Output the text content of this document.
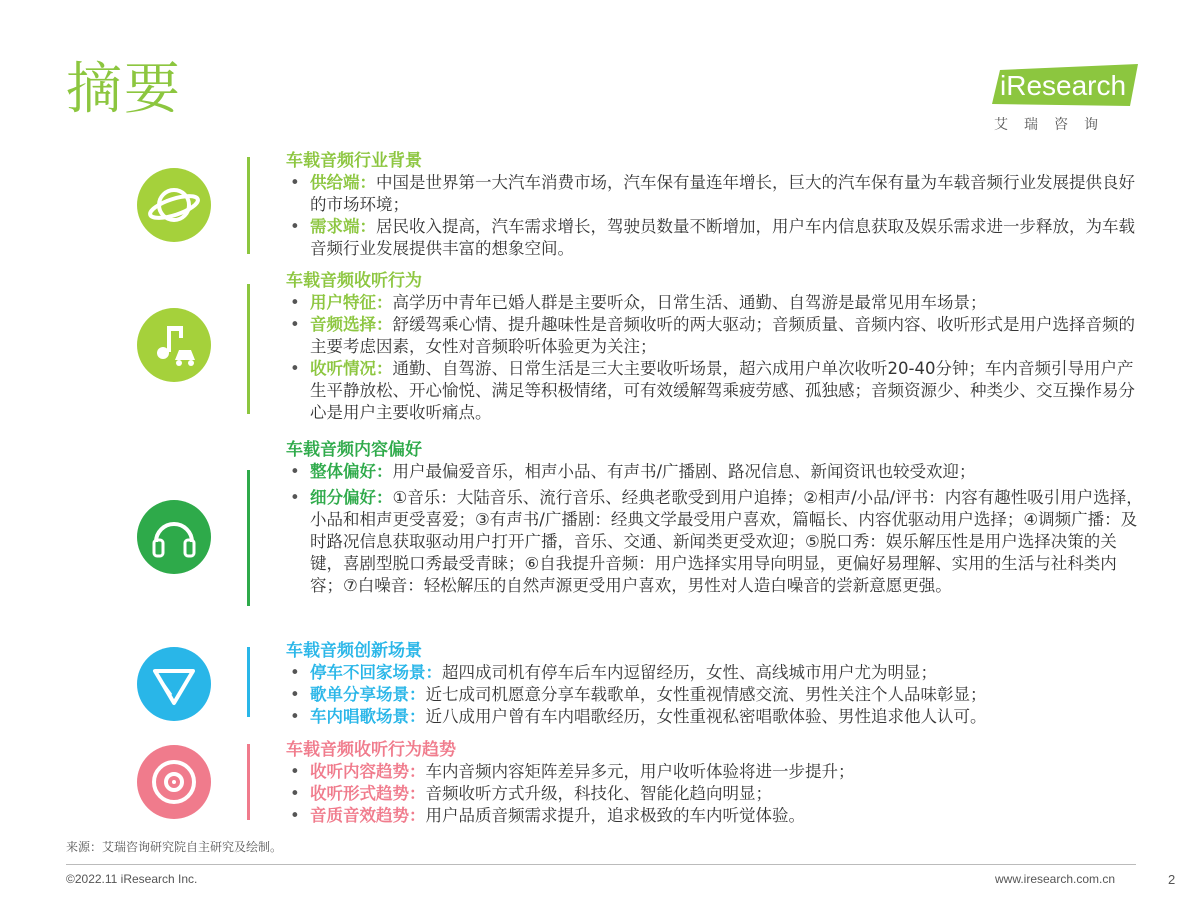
摘要	iResearch
艾瑞咨询
车载音频行业背景
• 供给端：中国是世界第一大汽车消费市场，汽车保有量连年增长，巨大的汽车保有量为车载音频行业发展提供良好的市场环境；
• 需求端：居民收入提高，汽车需求增长，驾驶员数量不断增加，用户车内信息获取及娱乐需求进一步释放，为车载音频行业发展提供丰富的想象空间。
车载音频收听行为
• 用户特征：高学历中青年已婚人群是主要听众，日常生活、通勤、自驾游是最常见用车场景；
• 音频选择：舒缓驾乘心情、提升趣味性是音频收听的两大驱动；音频质量、音频内容、收听形式是用户选择音频的主要考虑因素，女性对音频聆听体验更为关注；
• 收听情况：通勤、自驾游、日常生活是三大主要收听场景，超六成用户单次收听20-40分钟；车内音频引导用户产生平静放松、开心愉悦、满足等积极情绪，可有效缓解驾乘疲劳感、孤独感；音频资源少、种类少、交互操作易分心是用户主要收听痛点。
车载音频内容偏好
• 整体偏好：用户最偏爱音乐，相声小品、有声书/广播剧、路况信息、新闻资讯也较受欢迎；
• 细分偏好：①音乐：大陆音乐、流行音乐、经典老歌受到用户追捧；②相声/小品/评书：内容有趣性吸引用户选择，小品和相声更受喜爱；③有声书/广播剧：经典文学最受用户喜欢，篇幅长、内容优驱动用户选择；④调频广播：及时路况信息获取驱动用户打开广播，音乐、交通、新闻类更受欢迎；⑤脱口秀：娱乐解压性是用户选择决策的关键，喜剧型脱口秀最受青睐；⑥自我提升音频：用户选择实用导向明显，更偏好易理解、实用的生活与社科类内容；⑦白噪音：轻松解压的自然声源更受用户喜欢，男性对人造白噪音的尝新意愿更强。
车载音频创新场景
• 停车不回家场景：超四成司机有停车后车内逗留经历，女性、高线城市用户尤为明显；
• 歌单分享场景：近七成司机愿意分享车载歌单，女性重视情感交流、男性关注个人品味彰显；
• 车内唱歌场景：近八成用户曾有车内唱歌经历，女性重视私密唱歌体验、男性追求他人认可。
车载音频收听行为趋势
• 收听内容趋势：车内音频内容矩阵差异多元，用户收听体验将进一步提升；
• 收听形式趋势：音频收听方式升级，科技化、智能化趋向明显；
• 音质音效趋势：用户品质音频需求提升，追求极致的车内听觉体验。
来源：艾瑞咨询研究院自主研究及绘制。
©2022.11 iResearch Inc.	www.iresearch.com.cn	2
